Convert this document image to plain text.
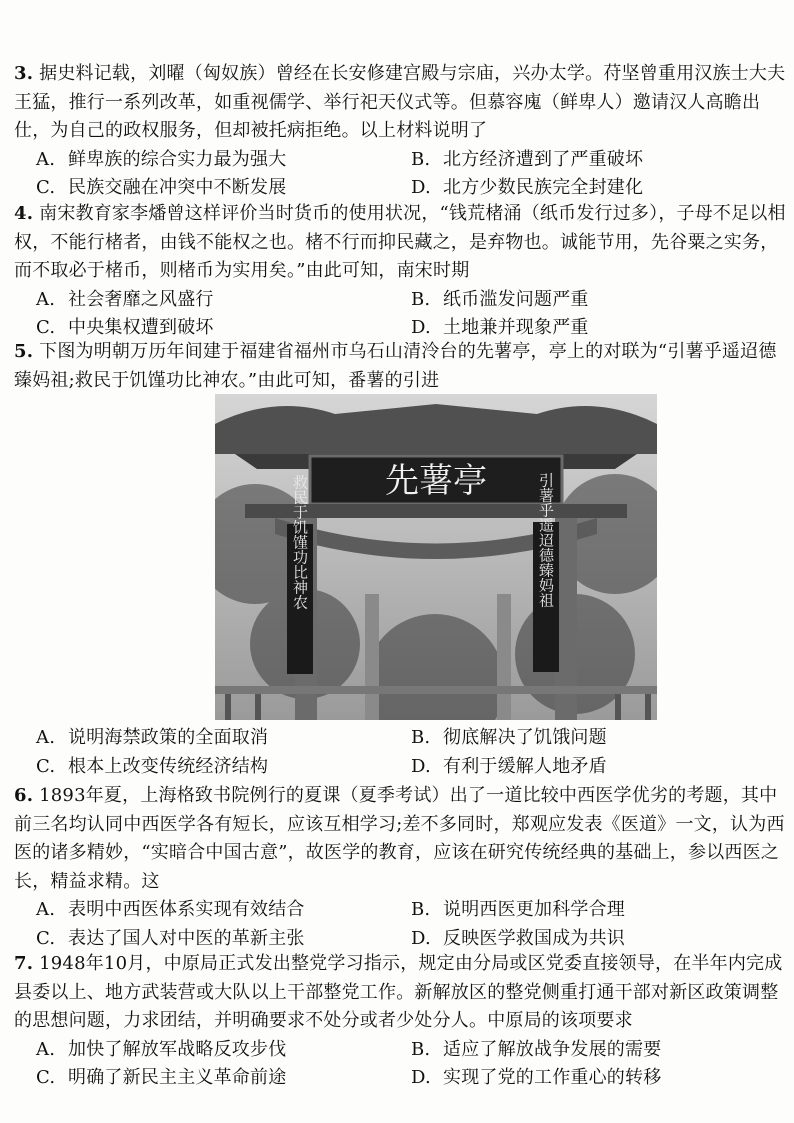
3. 据史料记载，刘曜（匈奴族）曾经在长安修建宫殿与宗庙，兴办太学。苻坚曾重用汉族士大夫王猛，推行一系列改革，如重视儒学、举行祀天仪式等。但慕容廆（鲜卑人）邀请汉人高瞻出仕，为自己的政权服务，但却被托病拒绝。以上材料说明了

A. 鲜卑族的综合实力最为强大	B. 北方经济遭到了严重破坏
C. 民族交融在冲突中不断发展	D. 北方少数民族完全封建化

4. 南宋教育家李燔曾这样评价当时货币的使用状况，“钱荒楮涌（纸币发行过多），子母不足以相权，不能行楮者，由钱不能权之也。楮不行而抑民藏之，是弃物也。诚能节用，先谷粟之实务，而不取必于楮币，则楮币为实用矣。”由此可知，南宋时期

A. 社会奢靡之风盛行	B. 纸币滥发问题严重
C. 中央集权遭到破坏	D. 土地兼并现象严重

5. 下图为明朝万历年间建于福建省福州市乌石山清泠台的先薯亭，亭上的对联为“引薯乎遥迢德臻妈祖;救民于饥馑功比神农。”由此可知，番薯的引进

先薯亭
救民于饥馑功比神农	引薯乎遥迢德臻妈祖
A. 说明海禁政策的全面取消	B. 彻底解决了饥饿问题
C. 根本上改变传统经济结构	D. 有利于缓解人地矛盾

6. 1893年夏，上海格致书院例行的夏课（夏季考试）出了一道比较中西医学优劣的考题，其中前三名均认同中西医学各有短长，应该互相学习;差不多同时，郑观应发表《医道》一文，认为西医的诸多精妙，“实暗合中国古意”，故医学的教育，应该在研究传统经典的基础上，参以西医之长，精益求精。这

A. 表明中西医体系实现有效结合	B. 说明西医更加科学合理
C. 表达了国人对中医的革新主张	D. 反映医学救国成为共识

7. 1948年10月，中原局正式发出整党学习指示，规定由分局或区党委直接领导，在半年内完成县委以上、地方武装营或大队以上干部整党工作。新解放区的整党侧重打通干部对新区政策调整的思想问题，力求团结，并明确要求不处分或者少处分人。中原局的该项要求

A. 加快了解放军战略反攻步伐	B. 适应了解放战争发展的需要
C. 明确了新民主主义革命前途	D. 实现了党的工作重心的转移
